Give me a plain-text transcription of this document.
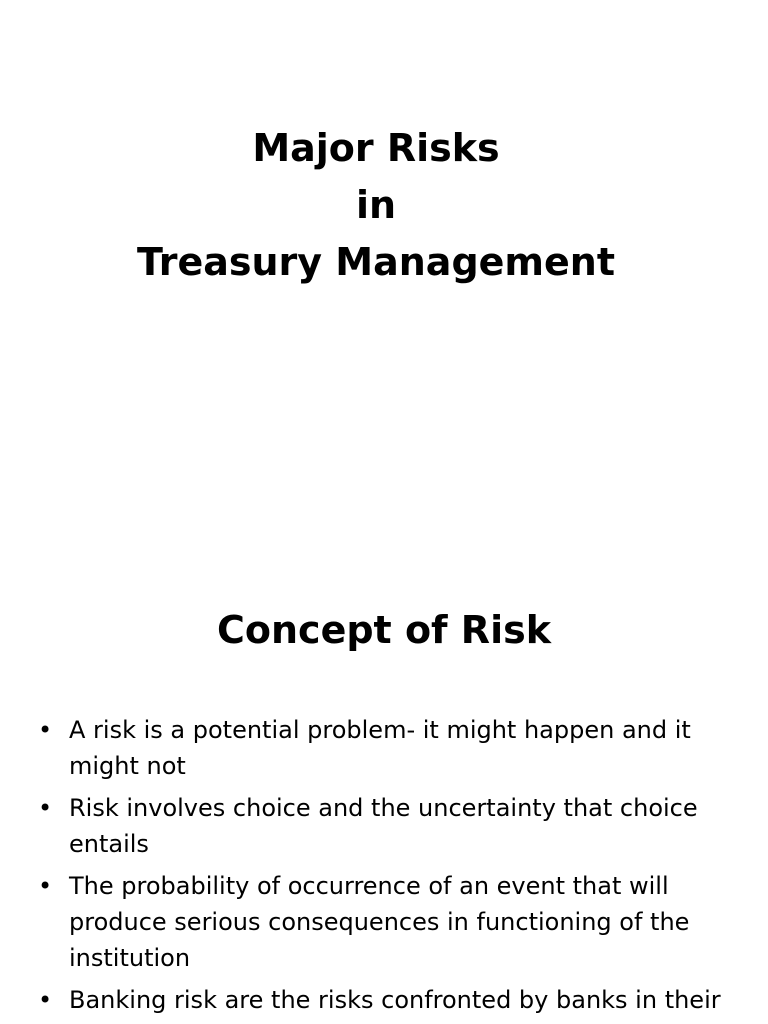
Major Risks
in
Treasury Management
Concept of Risk
• A risk is a potential problem- it might happen and it might not
• Risk involves choice and the uncertainty that choice entails
• The probability of occurrence of an event that will produce serious consequences in functioning of the institution
• Banking risk are the risks confronted by banks in their
